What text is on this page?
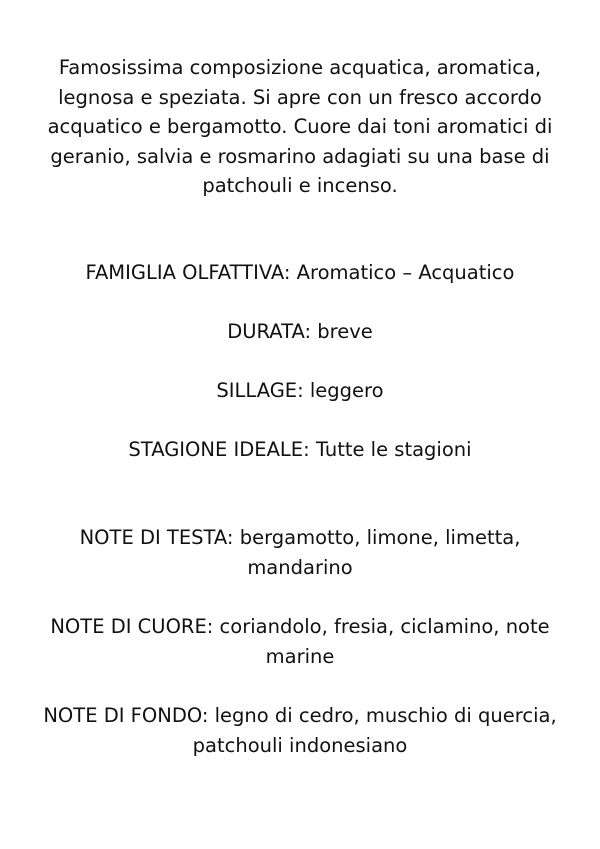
Famosissima composizione acquatica, aromatica, legnosa e speziata. Si apre con un fresco accordo acquatico e bergamotto. Cuore dai toni aromatici di geranio, salvia e rosmarino adagiati su una base di patchouli e incenso.

FAMIGLIA OLFATTIVA: Aromatico – Acquatico

DURATA: breve

SILLAGE: leggero

STAGIONE IDEALE: Tutte le stagioni

NOTE DI TESTA: bergamotto, limone, limetta, mandarino

NOTE DI CUORE: coriandolo, fresia, ciclamino, note marine

NOTE DI FONDO: legno di cedro, muschio di quercia, patchouli indonesiano
